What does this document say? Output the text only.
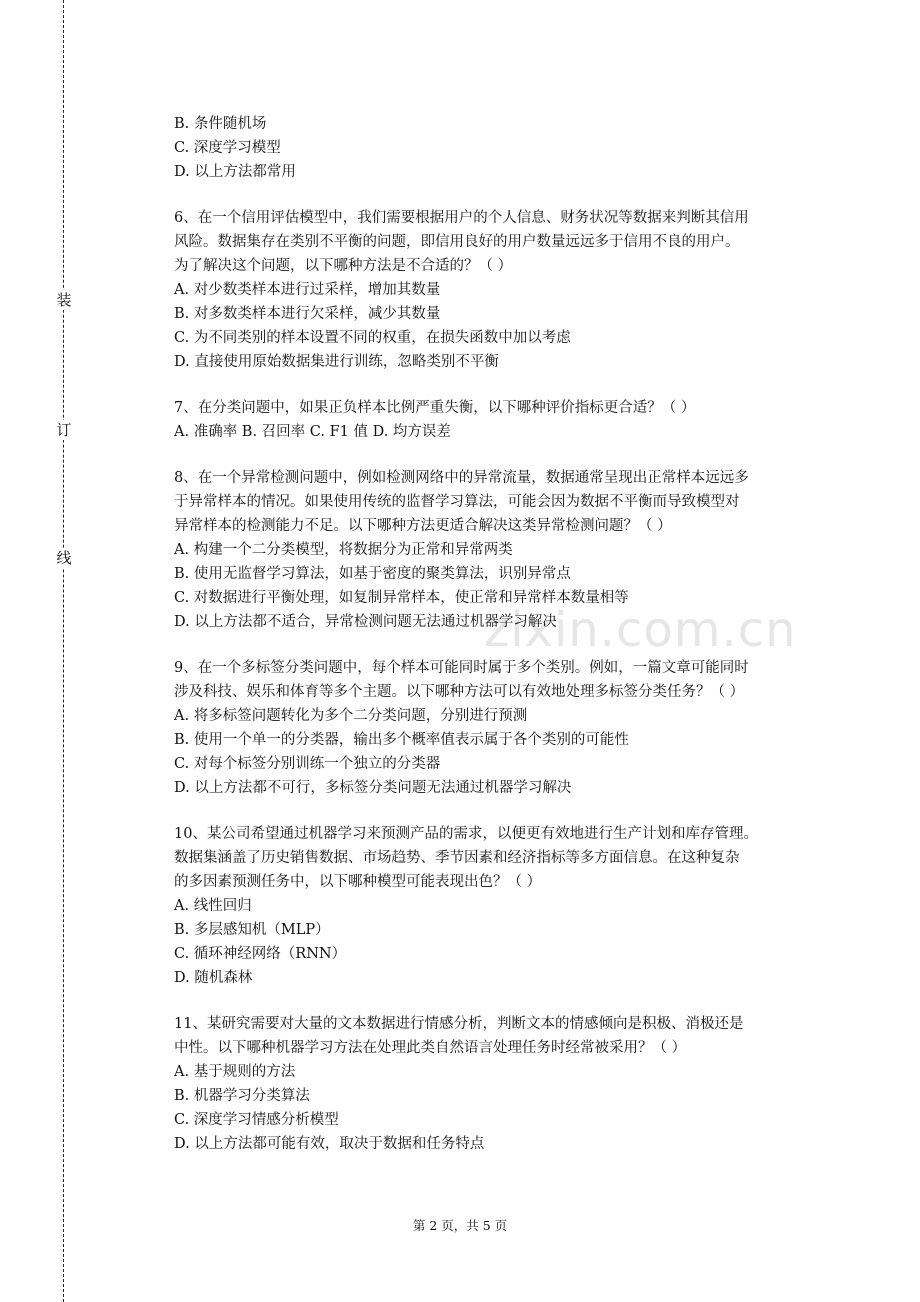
装
订
线
zixin.com.cn
B. 条件随机场
C. 深度学习模型
D. 以上方法都常用
6、在一个信用评估模型中，我们需要根据用户的个人信息、财务状况等数据来判断其信用
风险。数据集存在类别不平衡的问题，即信用良好的用户数量远远多于信用不良的用户。
为了解决这个问题，以下哪种方法是不合适的？（ ）
A. 对少数类样本进行过采样，增加其数量
B. 对多数类样本进行欠采样，减少其数量
C. 为不同类别的样本设置不同的权重，在损失函数中加以考虑
D. 直接使用原始数据集进行训练，忽略类别不平衡
7、在分类问题中，如果正负样本比例严重失衡，以下哪种评价指标更合适？（ ）
A. 准确率 B. 召回率 C. F1 值 D. 均方误差
8、在一个异常检测问题中，例如检测网络中的异常流量，数据通常呈现出正常样本远远多
于异常样本的情况。如果使用传统的监督学习算法，可能会因为数据不平衡而导致模型对
异常样本的检测能力不足。以下哪种方法更适合解决这类异常检测问题？（ ）
A. 构建一个二分类模型，将数据分为正常和异常两类
B. 使用无监督学习算法，如基于密度的聚类算法，识别异常点
C. 对数据进行平衡处理，如复制异常样本，使正常和异常样本数量相等
D. 以上方法都不适合，异常检测问题无法通过机器学习解决
9、在一个多标签分类问题中，每个样本可能同时属于多个类别。例如，一篇文章可能同时
涉及科技、娱乐和体育等多个主题。以下哪种方法可以有效地处理多标签分类任务？（ ）
A. 将多标签问题转化为多个二分类问题，分别进行预测
B. 使用一个单一的分类器，输出多个概率值表示属于各个类别的可能性
C. 对每个标签分别训练一个独立的分类器
D. 以上方法都不可行，多标签分类问题无法通过机器学习解决
10、某公司希望通过机器学习来预测产品的需求，以便更有效地进行生产计划和库存管理。
数据集涵盖了历史销售数据、市场趋势、季节因素和经济指标等多方面信息。在这种复杂
的多因素预测任务中，以下哪种模型可能表现出色？（ ）
A. 线性回归
B. 多层感知机（MLP）
C. 循环神经网络（RNN）
D. 随机森林
11、某研究需要对大量的文本数据进行情感分析，判断文本的情感倾向是积极、消极还是
中性。以下哪种机器学习方法在处理此类自然语言处理任务时经常被采用？（ ）
A. 基于规则的方法
B. 机器学习分类算法
C. 深度学习情感分析模型
D. 以上方法都可能有效，取决于数据和任务特点
第 2 页，共 5 页
